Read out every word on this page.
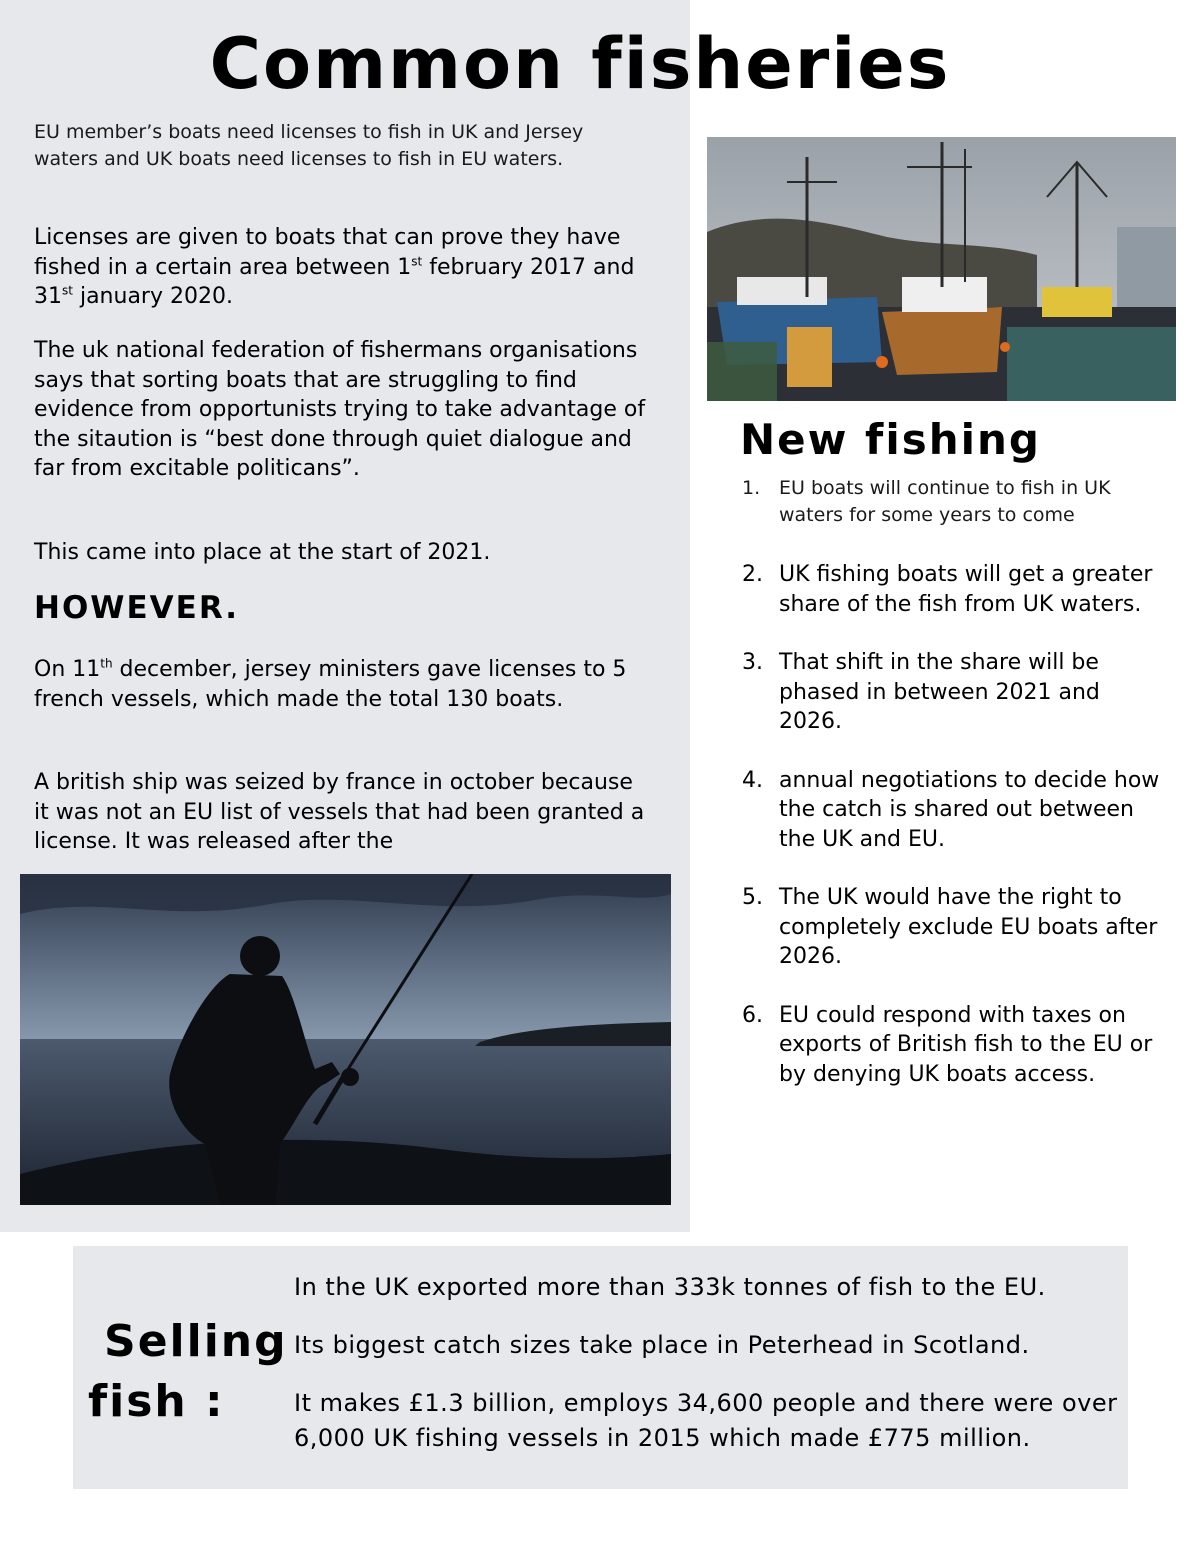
Common fisheries

EU member’s boats need licenses to fish in UK and Jersey waters and UK boats need licenses to fish in EU waters.

Licenses are given to boats that can prove they have fished in a certain area between 1st february 2017 and 31st january 2020.

The uk national federation of fishermans organisations says that sorting boats that are struggling to find evidence from opportunists trying to take advantage of the sitaution is “best done through quiet dialogue and far from excitable politicans”.

This came into place at the start of 2021.

HOWEVER.

On 11th december, jersey ministers gave licenses to 5 french vessels, which made the total 130 boats.

A british ship was seized by france in october because it was not an EU list of vessels that had been granted a license. It was released after the

New fishing
1. EU boats will continue to fish in UK waters for some years to come
2. UK fishing boats will get a greater share of the fish from UK waters.
3. That shift in the share will be phased in between 2021 and 2026.
4. annual negotiations to decide how the catch is shared out between the UK and EU.
5. The UK would have the right to completely exclude EU boats after 2026.
6. EU could respond with taxes on exports of British fish to the EU or by denying UK boats access.
Selling
fish :

In the UK exported more than 333k tonnes of fish to the EU.

Its biggest catch sizes take place in Peterhead in Scotland.

It makes £1.3 billion, employs 34,600 people and there were over 6,000 UK fishing vessels in 2015 which made £775 million.
